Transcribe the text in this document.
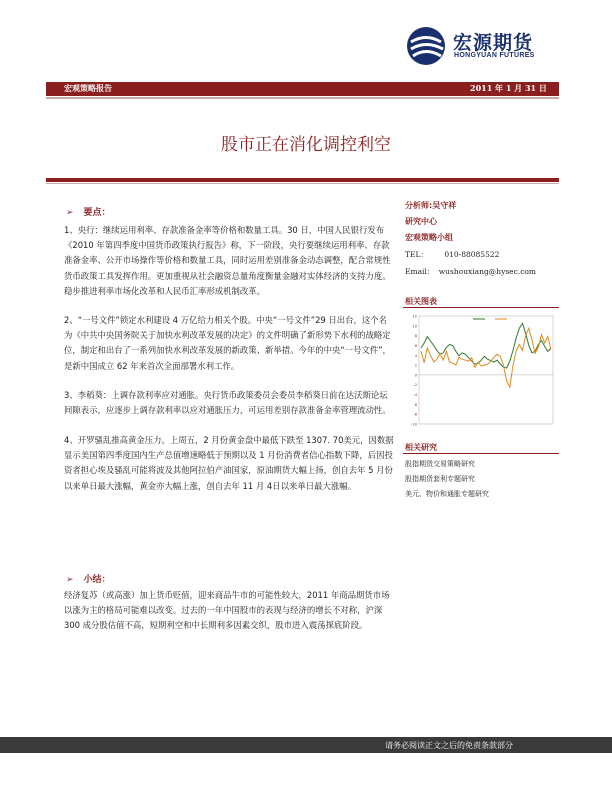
宏源期货
HONGYUAN FUTURES
宏观策略报告	2011 年 1 月 31 日
股市正在消化调控利空
➢ 要点：

1、央行：继续运用利率、存款准备金率等价格和数量工具。30 日，中国人民银行发布《2010 年第四季度中国货币政策执行报告》称，下一阶段，央行要继续运用利率、存款准备金率、公开市场操作等价格和数量工具，同时运用差别准备金动态调整，配合常规性货币政策工具发挥作用。更加重视从社会融资总量角度衡量金融对实体经济的支持力度。稳步推进利率市场化改革和人民币汇率形成机制改革。

2、“一号文件”锁定水利建设 4 万亿给力相关个股。中央“一号文件”29 日出台，这个名为《中共中央国务院关于加快水利改革发展的决定》的文件明确了新形势下水利的战略定位，制定和出台了一系列加快水利改革发展的新政策、新举措。今年的中央“一号文件”，是新中国成立 62 年来首次全面部署水利工作。

3、李稻葵：上调存款利率应对通胀。央行货币政策委员会委员李稻葵日前在达沃斯论坛间隙表示，应逐步上调存款利率以应对通胀压力，可运用差别存款准备金率管理流动性。

4、开罗骚乱推高黄金压力。上周五，2 月份黄金盘中最低下跌至 1307. 70美元，因数据显示美国第四季度国内生产总值增速略低于预期以及 1 月份消费者信心指数下降，后因投资者担心埃及骚乱可能将波及其他阿拉伯产油国家，原油期货大幅上扬，创自去年 5 月份以来单日最大涨幅，黄金亦大幅上涨，创自去年 11 月 4日以来单日最大涨幅。

➢ 小结：

经济复苏（或高涨）加上货币贬值，迎来商品牛市的可能性较大，2011 年商品期货市场以涨为主的格局可能难以改变。过去的一年中国股市的表现与经济的增长不对称，沪深 300 成分股估值不高，短期利空和中长期利多因素交织，股市进入震荡探底阶段。

分析师:吴守祥
研究中心
宏观策略小组
TEL： 010-88085522
Email： wushouxiang@hysec.com
相关图表
12
10
8
6
4
2
0
-2
-4
-6
-8
-10
相关研究
股指期货交易策略研究
股指期货套利专题研究
美元、物价和通胀专题研究
请务必阅读正文之后的免责条款部分
